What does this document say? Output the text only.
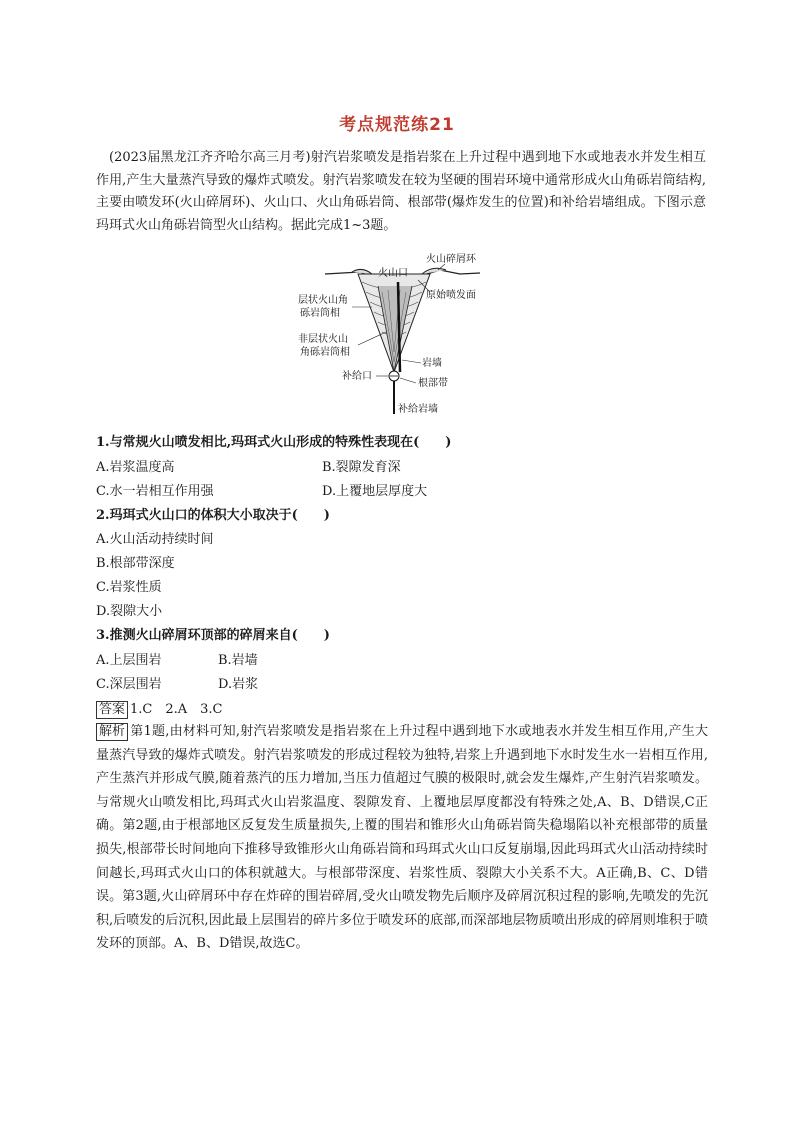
考点规范练21
(2023届黑龙江齐齐哈尔高三月考)射汽岩浆喷发是指岩浆在上升过程中遇到地下水或地表水并发生相互作用,产生大量蒸汽导致的爆炸式喷发。射汽岩浆喷发在较为坚硬的围岩环境中通常形成火山角砾岩筒结构,主要由喷发环(火山碎屑环)、火山口、火山角砾岩筒、根部带(爆炸发生的位置)和补给岩墙组成。下图示意玛珥式火山角砾岩筒型火山结构。据此完成1~3题。
火山碎屑环
火山口
原始喷发面
层状火山角
砾岩筒相
非层状火山
角砾岩筒相
岩墙
补给口
根部带
补给岩墙
1.与常规火山喷发相比,玛珥式火山形成的特殊性表现在(　　)
A.岩浆温度高	B.裂隙发育深
C.水一岩相互作用强	D.上覆地层厚度大
2.玛珥式火山口的体积大小取决于(　　)
A.火山活动持续时间
B.根部带深度
C.岩浆性质
D.裂隙大小
3.推测火山碎屑环顶部的碎屑来自(　　)
A.上层围岩	B.岩墙
C.深层围岩	D.岩浆
答案 1.C　2.A　3.C
解析 第1题,由材料可知,射汽岩浆喷发是指岩浆在上升过程中遇到地下水或地表水并发生相互作用,产生大量蒸汽导致的爆炸式喷发。射汽岩浆喷发的形成过程较为独特,岩浆上升遇到地下水时发生水一岩相互作用,产生蒸汽并形成气膜,随着蒸汽的压力增加,当压力值超过气膜的极限时,就会发生爆炸,产生射汽岩浆喷发。与常规火山喷发相比,玛珥式火山岩浆温度、裂隙发育、上覆地层厚度都没有特殊之处,A、B、D错误,C正确。第2题,由于根部地区反复发生质量损失,上覆的围岩和锥形火山角砾岩筒失稳塌陷以补充根部带的质量损失,根部带长时间地向下推移导致锥形火山角砾岩筒和玛珥式火山口反复崩塌,因此玛珥式火山活动持续时间越长,玛珥式火山口的体积就越大。与根部带深度、岩浆性质、裂隙大小关系不大。A正确,B、C、D错误。第3题,火山碎屑环中存在炸碎的围岩碎屑,受火山喷发物先后顺序及碎屑沉积过程的影响,先喷发的先沉积,后喷发的后沉积,因此最上层围岩的碎片多位于喷发环的底部,而深部地层物质喷出形成的碎屑则堆积于喷发环的顶部。A、B、D错误,故选C。
